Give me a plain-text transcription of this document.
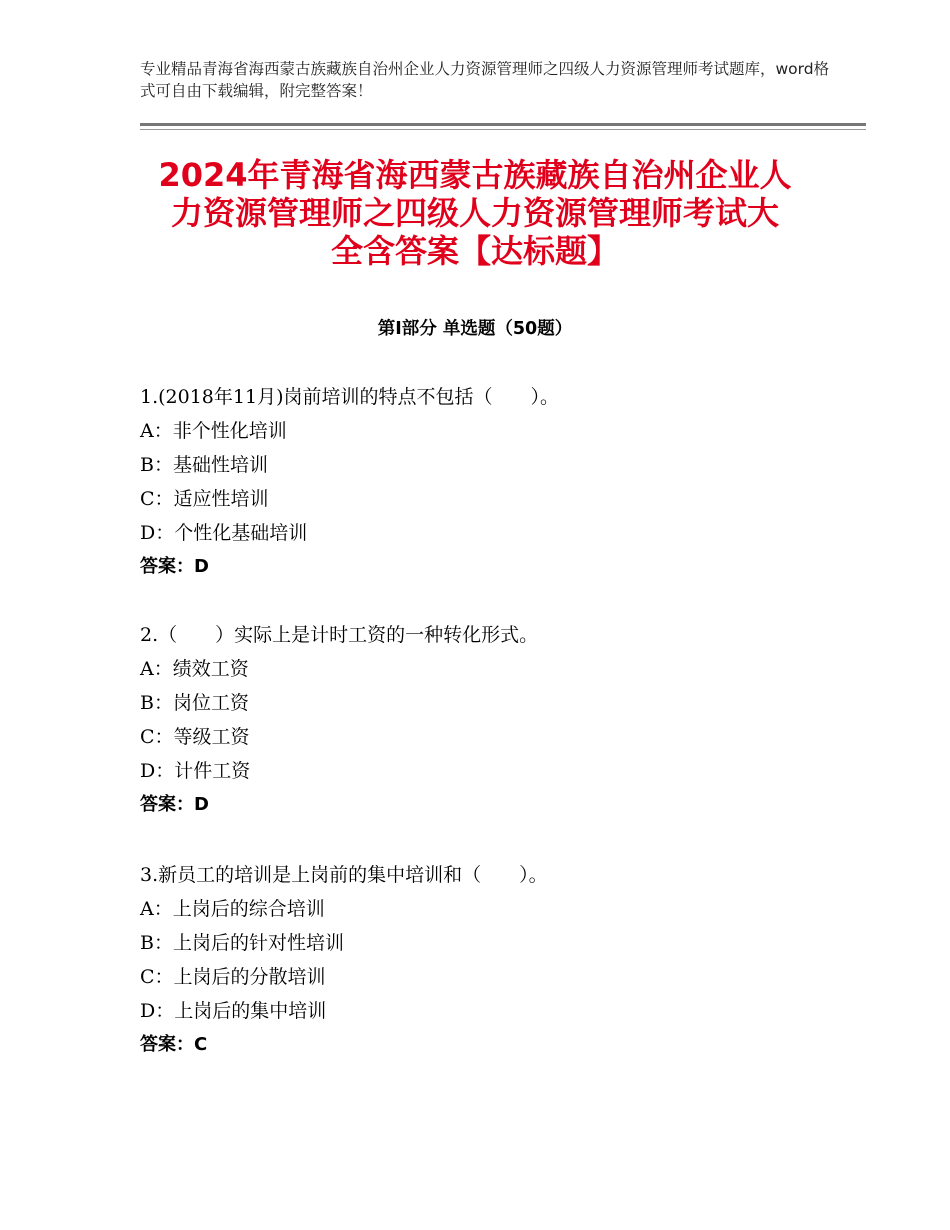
专业精品青海省海西蒙古族藏族自治州企业人力资源管理师之四级人力资源管理师考试题库，word格式可自由下载编辑，附完整答案！
2024年青海省海西蒙古族藏族自治州企业人
力资源管理师之四级人力资源管理师考试大
全含答案【达标题】
第Ⅰ部分 单选题（50题）
1.(2018年11月)岗前培训的特点不包括（　　）。
A：非个性化培训
B：基础性培训
C：适应性培训
D：个性化基础培训
答案：D
2.（　　）实际上是计时工资的一种转化形式。
A：绩效工资
B：岗位工资
C：等级工资
D：计件工资
答案：D
3.新员工的培训是上岗前的集中培训和（　　）。
A：上岗后的综合培训
B：上岗后的针对性培训
C：上岗后的分散培训
D：上岗后的集中培训
答案：C
